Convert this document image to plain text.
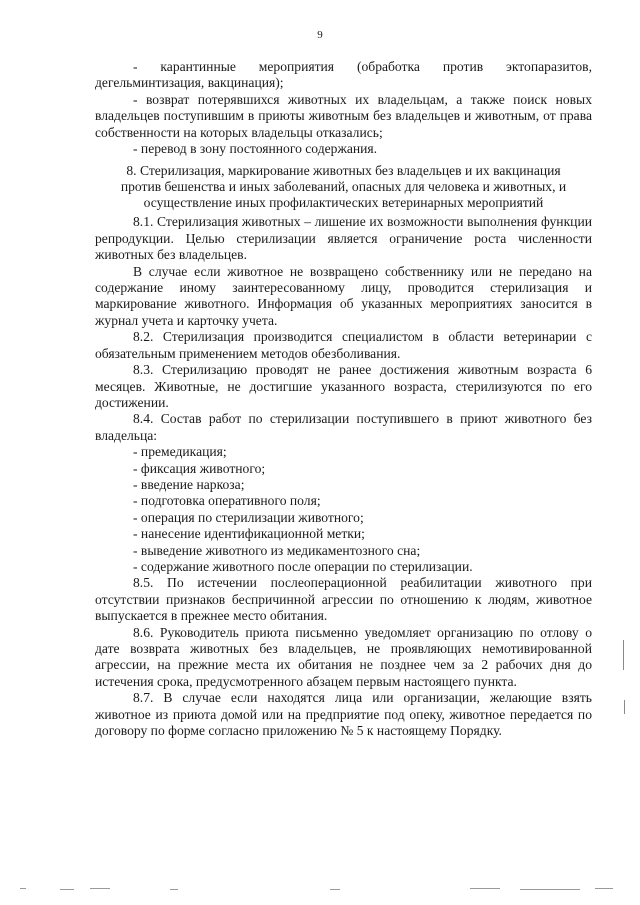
9

- карантинные мероприятия (обработка против эктопаразитов, дегельминтизация, вакцинация);

- возврат потерявшихся животных их владельцам, а также поиск новых владельцев поступившим в приюты животным без владельцев и животным, от права собственности на которых владельцы отказались;

- перевод в зону постоянного содержания.

8. Стерилизация, маркирование животных без владельцев и их вакцинация
против бешенства и иных заболеваний, опасных для человека и животных, и
осуществление иных профилактических ветеринарных мероприятий

8.1. Стерилизация животных – лишение их возможности выполнения функции репродукции. Целью стерилизации является ограничение роста численности животных без владельцев.

В случае если животное не возвращено собственнику или не передано на содержание иному заинтересованному лицу, проводится стерилизация и маркирование животного. Информация об указанных мероприятиях заносится в журнал учета и карточку учета.

8.2. Стерилизация производится специалистом в области ветеринарии с обязательным применением методов обезболивания.

8.3. Стерилизацию проводят не ранее достижения животным возраста 6 месяцев. Животные, не достигшие указанного возраста, стерилизуются по его достижении.

8.4. Состав работ по стерилизации поступившего в приют животного без владельца:

- премедикация;
- фиксация животного;
- введение наркоза;
- подготовка оперативного поля;
- операция по стерилизации животного;
- нанесение идентификационной метки;
- выведение животного из медикаментозного сна;
- содержание животного после операции по стерилизации.

8.5. По истечении послеоперационной реабилитации животного при отсутствии признаков беспричинной агрессии по отношению к людям, животное выпускается в прежнее место обитания.

8.6. Руководитель приюта письменно уведомляет организацию по отлову о дате возврата животных без владельцев, не проявляющих немотивированной агрессии, на прежние места их обитания не позднее чем за 2 рабочих дня до истечения срока, предусмотренного абзацем первым настоящего пункта.

8.7. В случае если находятся лица или организации, желающие взять животное из приюта домой или на предприятие под опеку, животное передается по договору по форме согласно приложению № 5 к настоящему Порядку.
